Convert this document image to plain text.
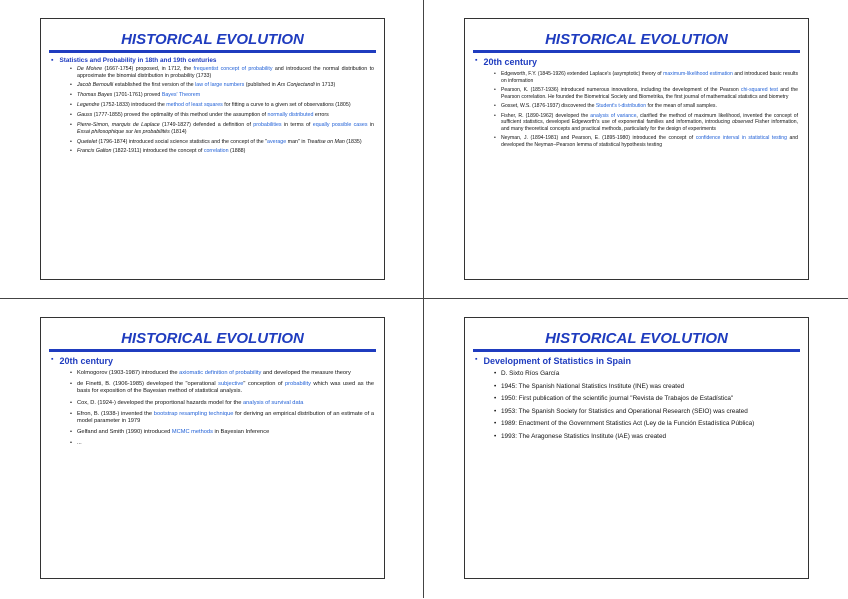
HISTORICAL EVOLUTION
▪ Statistics and Probability in 18th and 19th centuries
• De Moivre (1667-1754) proposed, in 1712, the frequentist concept of probability and introduced the normal distribution to approximate the binomial distribution in probability (1733)
• Jacob Bernoulli established the first version of the law of large numbers (published in Ars Conjectandi in 1713)
• Thomas Bayes (1701-1761) proved Bayes' Theorem
• Legendre (1752-1833) introduced the method of least squares for fitting a curve to a given set of observations (1805)
• Gauss (1777-1855) proved the optimality of this method under the assumption of normally distributed errors
• Pierre-Simon, marquis de Laplace (1749-1827) defended a definition of probabilities in terms of equally possible cases in Essai philosophique sur les probabilités (1814)
• Quetelet (1796-1874) introduced social science statistics and the concept of the "average man" in Treatise on Man (1835)
• Francis Galton (1822-1911) introduced the concept of correlation (1888)
HISTORICAL EVOLUTION
▪ 20th century
• Edgeworth, F.Y. (1845-1926) extended Laplace's (asymptotic) theory of maximum-likelihood estimation and introduced basic results on information
• Pearson, K. (1857-1936) introduced numerous innovations, including the development of the Pearson chi-squared test and the Pearson correlation. He founded the Biometrical Society and Biometrika, the first journal of mathematical statistics and biometry
• Gosset, W.S. (1876-1937) discovered the Student's t-distribution for the mean of small samples.
• Fisher, R. (1890-1962) developed the analysis of variance, clarified the method of maximum likelihood, invented the concept of sufficient statistics, developed Edgeworth's use of exponential families and information, introducing observed Fisher information, and many theoretical concepts and practical methods, particularly for the design of experiments
• Neyman, J. (1894-1981) and Pearson, E. (1895-1980) introduced the concept of confidence interval in statistical testing and developed the Neyman–Pearson lemma of statistical hypothesis testing
HISTORICAL EVOLUTION
▪ 20th century
• Kolmogorov (1903-1987) introduced the axiomatic definition of probability and developed the measure theory
• de Finetti, B. (1906-1985) developed the "operational subjective" conception of probability which was used as the basis for exposition of the Bayesian method of statistical analysis.
• Cox, D. (1924-) developed the proportional hazards model for the analysis of survival data
• Efron, B. (1938-) invented the bootstrap resampling technique for deriving an empirical distribution of an estimate of a model parameter in 1979
• Gelfand and Smith (1990) introduced MCMC methods in Bayesian Inference
• ...
HISTORICAL EVOLUTION
▪ Development of Statistics in Spain
• D. Sixto Ríos García
• 1945: The Spanish National Statistics Institute (INE) was created
• 1950: First publication of the scientific journal "Revista de Trabajos de Estadística"
• 1953: The Spanish Society for Statistics and Operational Research (SEIO) was created
• 1989: Enactment of the Government Statistics Act (Ley de la Función Estadística Pública)
• 1993: The Aragonese Statistics Institute (IAE) was created
